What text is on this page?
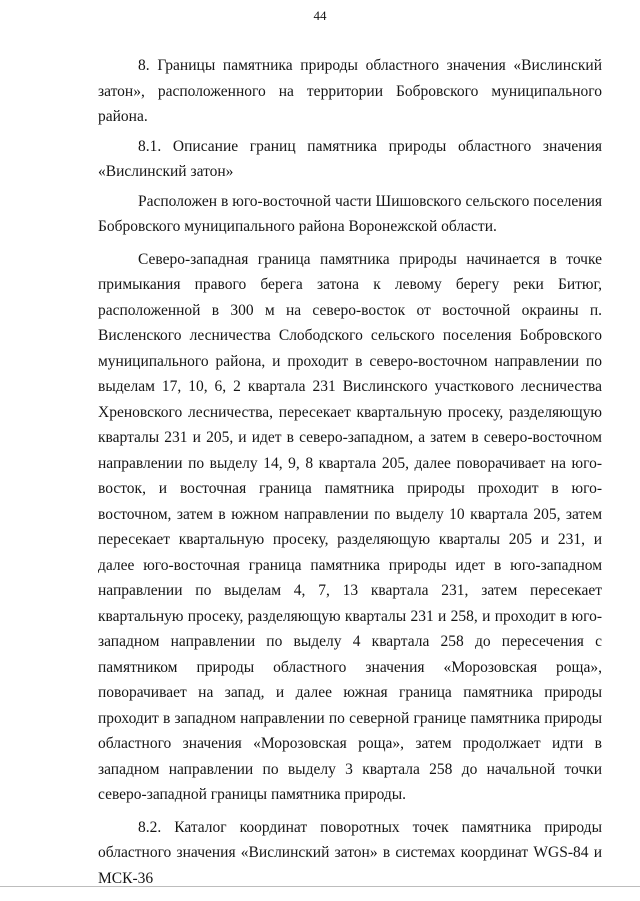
44

8. Границы памятника природы областного значения «Вислинский затон», расположенного на территории Бобровского муниципального района.

8.1. Описание границ памятника природы областного значения «Вислинский затон»

Расположен в юго-восточной части Шишовского сельского поселения Бобровского муниципального района Воронежской области.

Северо-западная граница памятника природы начинается в точке примыкания правого берега затона к левому берегу реки Битюг, расположенной в 300 м на северо-восток от восточной окраины п. Висленского лесничества Слободского сельского поселения Бобровского муниципального района, и проходит в северо-восточном направлении по выделам 17, 10, 6, 2 квартала 231 Вислинского участкового лесничества Хреновского лесничества, пересекает квартальную просеку, разделяющую кварталы 231 и 205, и идет в северо-западном, а затем в северо-восточном направлении по выделу 14, 9, 8 квартала 205, далее поворачивает на юго-восток, и восточная граница памятника природы проходит в юго-восточном, затем в южном направлении по выделу 10 квартала 205, затем пересекает квартальную просеку, разделяющую кварталы 205 и 231, и далее юго-восточная граница памятника природы идет в юго-западном направлении по выделам 4, 7, 13 квартала 231, затем пересекает квартальную просеку, разделяющую кварталы 231 и 258, и проходит в юго-западном направлении по выделу 4 квартала 258 до пересечения с памятником природы областного значения «Морозовская роща», поворачивает на запад, и далее южная граница памятника природы проходит в западном направлении по северной границе памятника природы областного значения «Морозовская роща», затем продолжает идти в западном направлении по выделу 3 квартала 258 до начальной точки северо-западной границы памятника природы.

8.2. Каталог координат поворотных точек памятника природы областного значения «Вислинский затон» в системах координат WGS-84 и МСК-36
